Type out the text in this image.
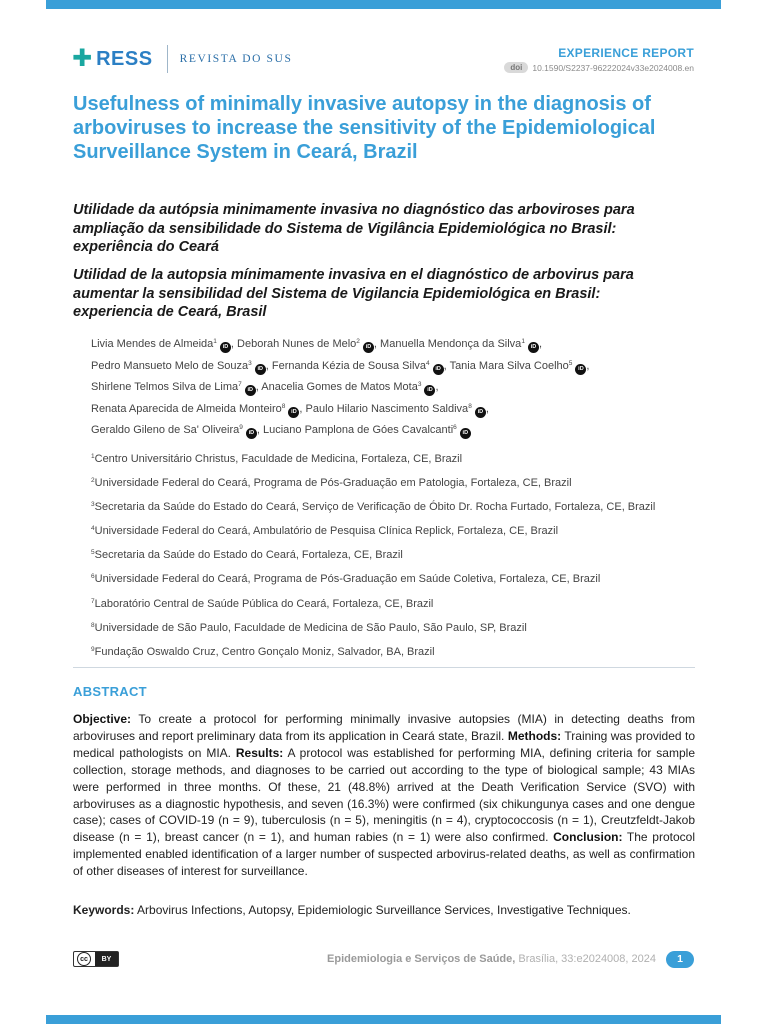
✚ RESS REVISTA DO SUS	EXPERIENCE REPORT
doi	10.1590/S2237-96222024v33e2024008.en
Usefulness of minimally invasive autopsy in the diagnosis of arboviruses to increase the sensitivity of the Epidemiological Surveillance System in Ceará, Brazil
Utilidade da autópsia minimamente invasiva no diagnóstico das arboviroses para ampliação da sensibilidade do Sistema de Vigilância Epidemiológica no Brasil: experiência do Ceará
Utilidad de la autopsia mínimamente invasiva en el diagnóstico de arbovirus para aumentar la sensibilidad del Sistema de Vigilancia Epidemiológica en Brasil: experiencia de Ceará, Brasil
Livia Mendes de Almeida$^1$iD , Deborah Nunes de Melo$^2$iD , Manuella Mendonça da Silva$^1$iD ,
Pedro Mansueto Melo de Souza$^3$iD , Fernanda Kézia de Sousa Silva$^4$iD , Tania Mara Silva Coelho$^5$iD ,
Shirlene Telmos Silva de Lima$^7$iD , Anacelia Gomes de Matos Mota$^3$iD ,
Renata Aparecida de Almeida Monteiro$^8$iD , Paulo Hilario Nascimento Saldiva$^8$iD ,
Geraldo Gileno de Sa' Oliveira$^9$iD , Luciano Pamplona de Góes Cavalcanti$^6$iD
$^1$Centro Universitário Christus, Faculdade de Medicina, Fortaleza, CE, Brazil
$^2$Universidade Federal do Ceará, Programa de Pós-Graduação em Patologia, Fortaleza, CE, Brazil
$^3$Secretaria da Saúde do Estado do Ceará, Serviço de Verificação de Óbito Dr. Rocha Furtado, Fortaleza, CE, Brazil
$^4$Universidade Federal do Ceará, Ambulatório de Pesquisa Clínica Replick, Fortaleza, CE, Brazil
$^5$Secretaria da Saúde do Estado do Ceará, Fortaleza, CE, Brazil
$^6$Universidade Federal do Ceará, Programa de Pós-Graduação em Saúde Coletiva, Fortaleza, CE, Brazil
$^7$Laboratório Central de Saúde Pública do Ceará, Fortaleza, CE, Brazil
$^8$Universidade de São Paulo, Faculdade de Medicina de São Paulo, São Paulo, SP, Brazil
$^9$Fundação Oswaldo Cruz, Centro Gonçalo Moniz, Salvador, BA, Brazil
ABSTRACT

Objective: To create a protocol for performing minimally invasive autopsies (MIA) in detecting deaths from arboviruses and report preliminary data from its application in Ceará state, Brazil. Methods: Training was provided to medical pathologists on MIA. Results: A protocol was established for performing MIA, defining criteria for sample collection, storage methods, and diagnoses to be carried out according to the type of biological sample; 43 MIAs were performed in three months. Of these, 21 (48.8%) arrived at the Death Verification Service (SVO) with arboviruses as a diagnostic hypothesis, and seven (16.3%) were confirmed (six chikungunya cases and one dengue case); cases of COVID-19 (n = 9), tuberculosis (n = 5), meningitis (n = 4), cryptococcosis (n = 1), Creutzfeldt-Jakob disease (n = 1), breast cancer (n = 1), and human rabies (n = 1) were also confirmed. Conclusion: The protocol implemented enabled identification of a larger number of suspected arbovirus-related deaths, as well as confirmation of other diseases of interest for surveillance.

Keywords: Arbovirus Infections, Autopsy, Epidemiologic Surveillance Services, Investigative Techniques.

cc	BY	Epidemiologia e Serviços de Saúde, Brasília, 33:e2024008, 2024	1
